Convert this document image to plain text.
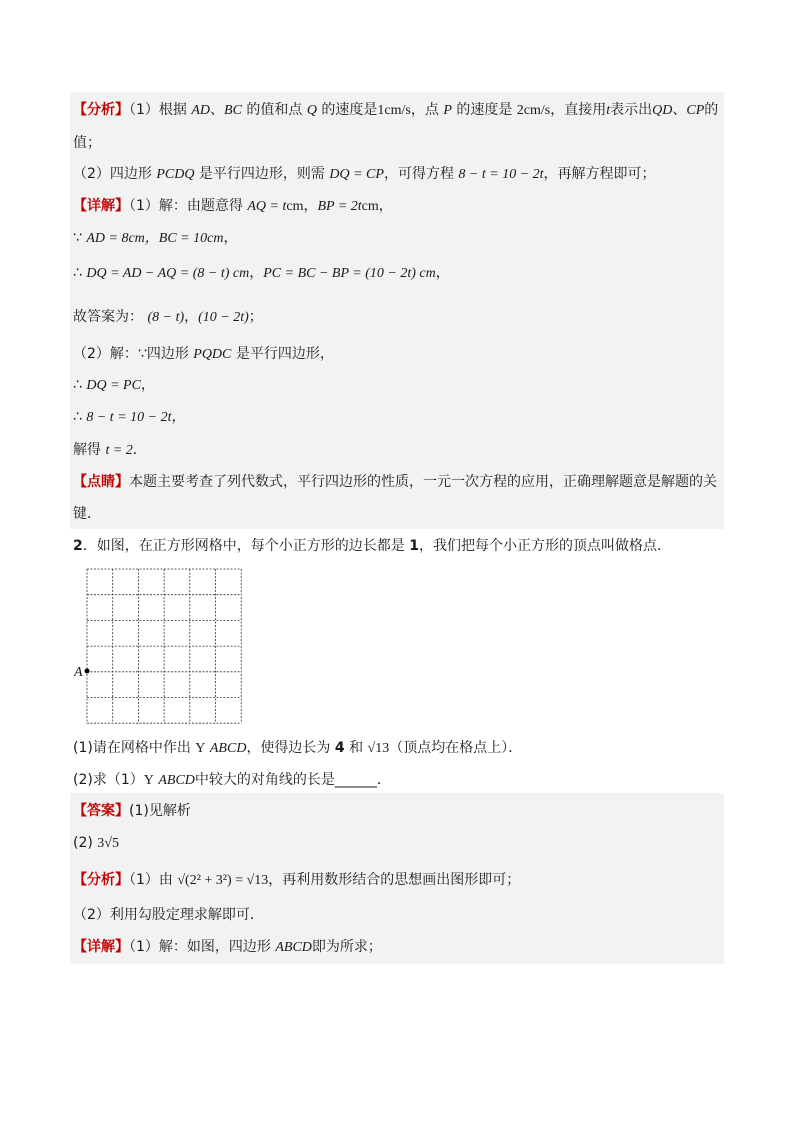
【分析】（1）根据 AD、BC 的值和点 Q 的速度是1cm/s，点 P 的速度是 2cm/s，直接用t表示出QD、CP的
值；
（2）四边形 PCDQ 是平行四边形，则需 DQ = CP，可得方程 8 − t = 10 − 2t，再解方程即可；
【详解】（1）解：由题意得 AQ = tcm，BP = 2tcm，
∵ AD = 8cm，BC = 10cm，
∴ DQ = AD − AQ = (8 − t) cm，PC = BC − BP = (10 − 2t) cm，
故答案为： (8 − t)，(10 − 2t)；
（2）解：∵四边形 PQDC 是平行四边形，
∴ DQ = PC，
∴ 8 − t = 10 − 2t，
解得 t = 2．
【点睛】本题主要考查了列代数式，平行四边形的性质，一元一次方程的应用，正确理解题意是解题的关
键．
2．如图，在正方形网格中，每个小正方形的边长都是 1，我们把每个小正方形的顶点叫做格点．
A
(1)请在网格中作出 Y ABCD，使得边长为 4 和 √13（顶点均在格点上）．
(2)求（1）Y ABCD中较大的对角线的长是______．
【答案】(1)见解析
(2) 3√5
【分析】（1）由 √(2² + 3²) = √13，再利用数形结合的思想画出图形即可；
（2）利用勾股定理求解即可．
【详解】（1）解：如图，四边形 ABCD即为所求；
